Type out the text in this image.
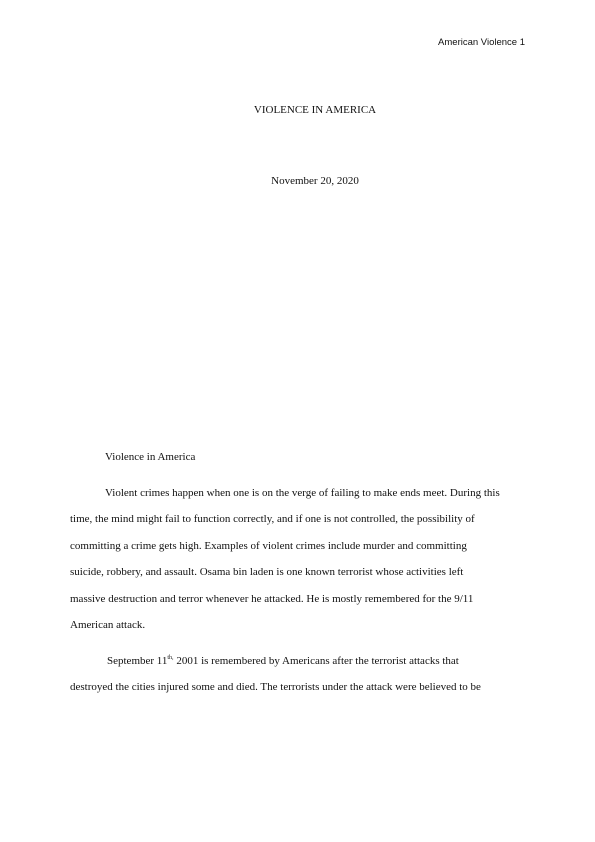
American Violence 1
VIOLENCE IN AMERICA
November 20, 2020
Violence in America
Violent crimes happen when one is on the verge of failing to make ends meet. During this
time, the mind might fail to function correctly, and if one is not controlled, the possibility of
committing a crime gets high. Examples of violent crimes include murder and committing
suicide, robbery, and assault. Osama bin laden is one known terrorist whose activities left
massive destruction and terror whenever he attacked. He is mostly remembered for the 9/11
American attack.
September $11^{th,}$ 2001 is remembered by Americans after the terrorist attacks that
destroyed the cities injured some and died. The terrorists under the attack were believed to be
